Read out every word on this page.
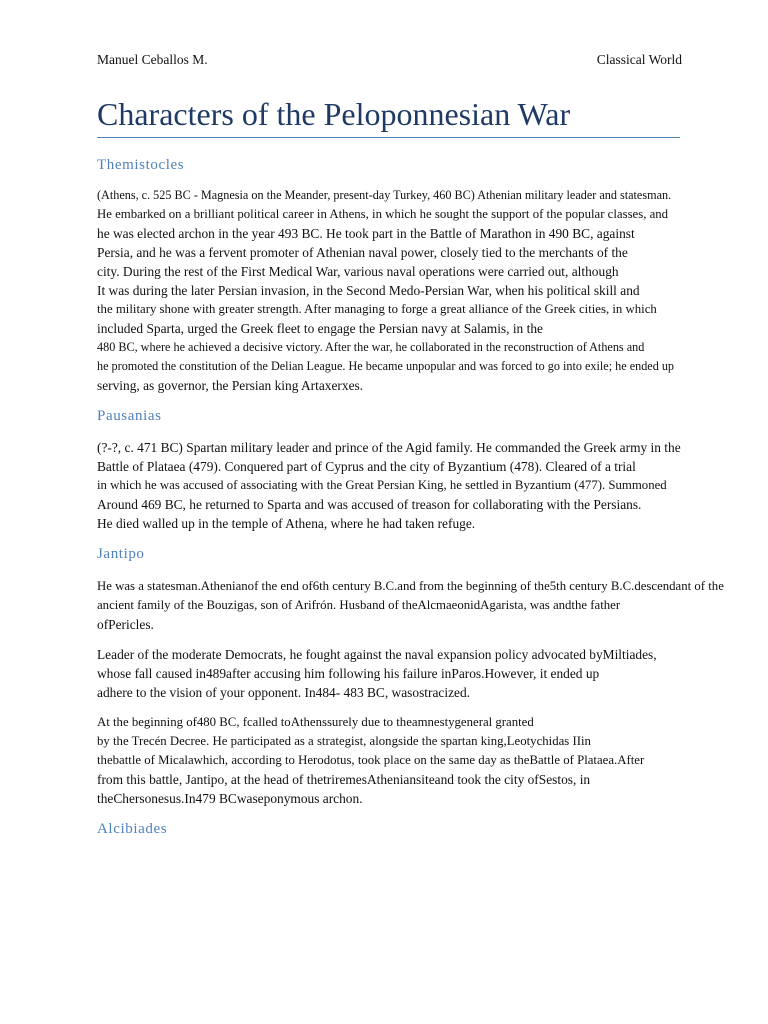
Manuel Ceballos M.	Classical World
Characters of the Peloponnesian War
Themistocles
(Athens, c. 525 BC - Magnesia on the Meander, present-day Turkey, 460 BC) Athenian military leader and statesman.
He embarked on a brilliant political career in Athens, in which he sought the support of the popular classes, and
he was elected archon in the year 493 BC. He took part in the Battle of Marathon in 490 BC, against
Persia, and he was a fervent promoter of Athenian naval power, closely tied to the merchants of the
city. During the rest of the First Medical War, various naval operations were carried out, although
It was during the later Persian invasion, in the Second Medo-Persian War, when his political skill and
the military shone with greater strength. After managing to forge a great alliance of the Greek cities, in which
included Sparta, urged the Greek fleet to engage the Persian navy at Salamis, in the
480 BC, where he achieved a decisive victory. After the war, he collaborated in the reconstruction of Athens and
he promoted the constitution of the Delian League. He became unpopular and was forced to go into exile; he ended up
serving, as governor, the Persian king Artaxerxes.
Pausanias
(?-?, c. 471 BC) Spartan military leader and prince of the Agid family. He commanded the Greek army in the
Battle of Plataea (479). Conquered part of Cyprus and the city of Byzantium (478). Cleared of a trial
in which he was accused of associating with the Great Persian King, he settled in Byzantium (477). Summoned
Around 469 BC, he returned to Sparta and was accused of treason for collaborating with the Persians.
He died walled up in the temple of Athena, where he had taken refuge.
Jantipo
He was a statesman.Athenianof the end of6th century B.C.and from the beginning of the5th century B.C.descendant of the
ancient family of the Bouzigas, son of Arifrón. Husband of theAlcmaeonidAgarista, was andthe father
ofPericles.
Leader of the moderate Democrats, he fought against the naval expansion policy advocated byMiltiades,
whose fall caused in489after accusing him following his failure inParos.However, it ended up
adhere to the vision of your opponent. In484- 483 BC, wasostracized.
At the beginning of480 BC, fcalled toAthenssurely due to theamnestygeneral granted
by the Trecén Decree. He participated as a strategist, alongside the spartan king,Leotychidas IIin
thebattle of Micalawhich, according to Herodotus, took place on the same day as theBattle of Plataea.After
from this battle, Jantipo, at the head of thetriremesAtheniansiteand took the city ofSestos, in
theChersonesus.In479 BCwaseponymous archon.
Alcibiades
